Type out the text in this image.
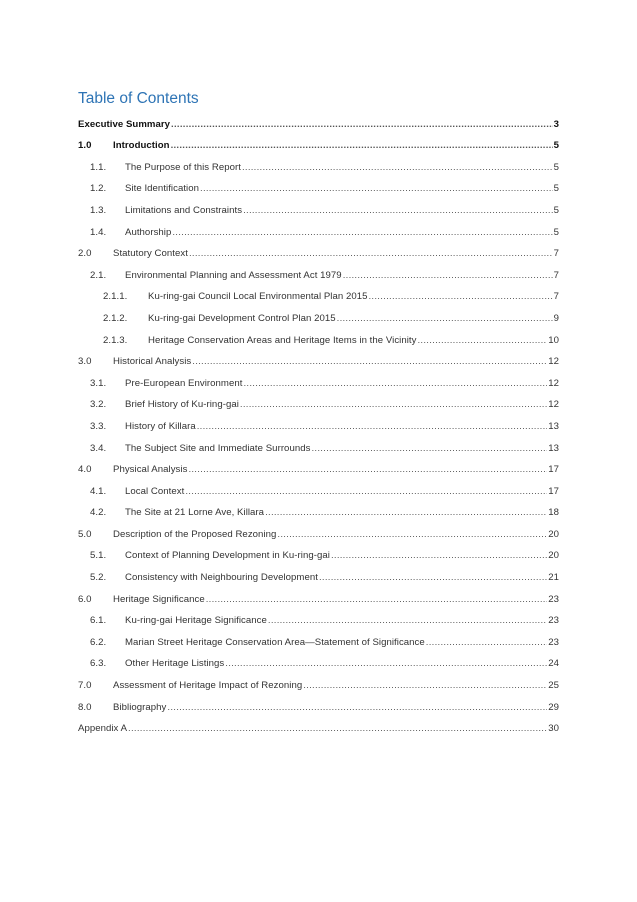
Table of Contents
Executive Summary . . .	3
1.0	Introduction . . .	5
1.1.	The Purpose of this Report . . .	5
1.2.	Site Identification . . .	5
1.3.	Limitations and Constraints . . .	5
1.4.	Authorship . . .	5
2.0	Statutory Context . . .	7
2.1.	Environmental Planning and Assessment Act 1979 . . .	7
2.1.1.	Ku-ring-gai Council Local Environmental Plan 2015 . . .	7
2.1.2.	Ku-ring-gai Development Control Plan 2015 . . .	9
2.1.3.	Heritage Conservation Areas and Heritage Items in the Vicinity . . .	10
3.0	Historical Analysis . . .	12
3.1.	Pre-European Environment . . .	12
3.2.	Brief History of Ku-ring-gai . . .	12
3.3.	History of Killara . . .	13
3.4.	The Subject Site and Immediate Surrounds . . .	13
4.0	Physical Analysis . . .	17
4.1.	Local Context . . .	17
4.2.	The Site at 21 Lorne Ave, Killara . . .	18
5.0	Description of the Proposed Rezoning . . .	20
5.1.	Context of Planning Development in Ku-ring-gai . . .	20
5.2.	Consistency with Neighbouring Development . . .	21
6.0	Heritage Significance . . .	23
6.1.	Ku-ring-gai Heritage Significance . . .	23
6.2.	Marian Street Heritage Conservation Area—Statement of Significance . . .	23
6.3.	Other Heritage Listings . . .	24
7.0	Assessment of Heritage Impact of Rezoning . . .	25
8.0	Bibliography . . .	29
Appendix A . . .	30
